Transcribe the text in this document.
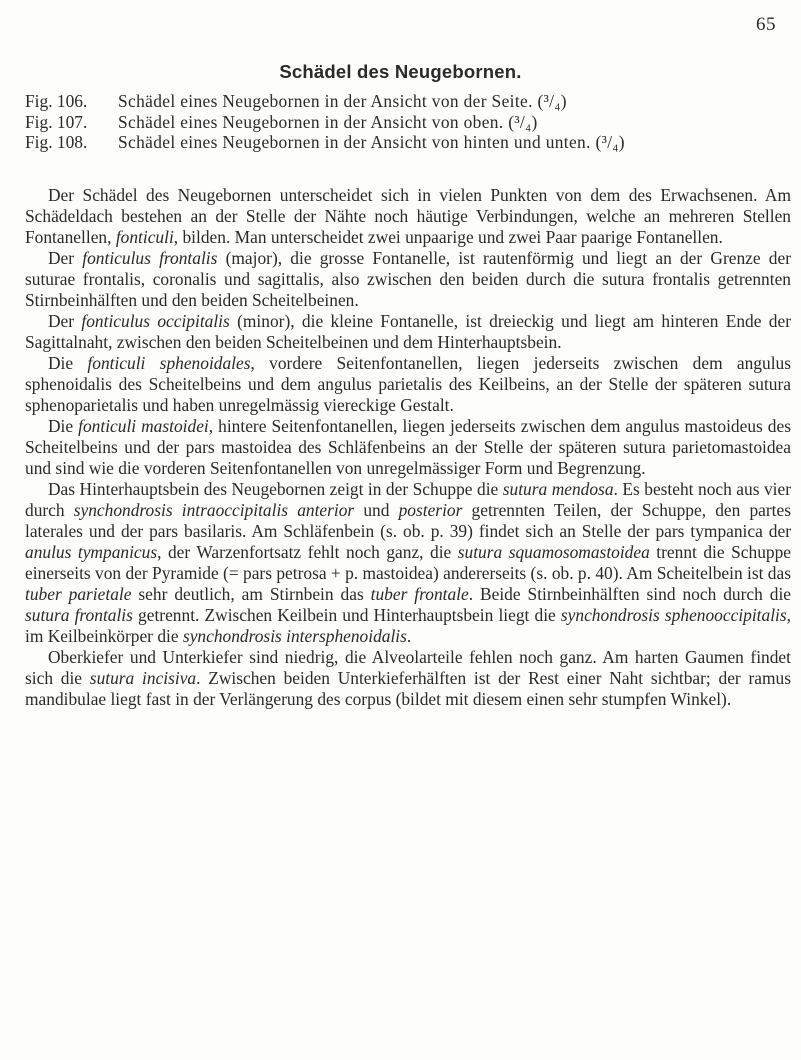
65
Schädel des Neugebornen.
Fig. 106.	Schädel eines Neugebornen in der Ansicht von der Seite. (³/₄)
Fig. 107.	Schädel eines Neugebornen in der Ansicht von oben. (³/₄)
Fig. 108.	Schädel eines Neugebornen in der Ansicht von hinten und unten. (³/₄)

Der Schädel des Neugebornen unterscheidet sich in vielen Punkten von dem des Erwachsenen. Am Schädeldach bestehen an der Stelle der Nähte noch häutige Verbindungen, welche an mehreren Stellen Fontanellen, fonticuli, bilden. Man unterscheidet zwei unpaarige und zwei Paar paarige Fontanellen.

Der fonticulus frontalis (major), die grosse Fontanelle, ist rautenförmig und liegt an der Grenze der suturae frontalis, coronalis und sagittalis, also zwischen den beiden durch die sutura frontalis getrennten Stirnbeinhälften und den beiden Scheitelbeinen.

Der fonticulus occipitalis (minor), die kleine Fontanelle, ist dreieckig und liegt am hinteren Ende der Sagittalnaht, zwischen den beiden Scheitelbeinen und dem Hinterhauptsbein.

Die fonticuli sphenoidales, vordere Seitenfontanellen, liegen jederseits zwischen dem angulus sphenoidalis des Scheitelbeins und dem angulus parietalis des Keilbeins, an der Stelle der späteren sutura sphenoparietalis und haben unregelmässig viereckige Gestalt.

Die fonticuli mastoidei, hintere Seitenfontanellen, liegen jederseits zwischen dem angulus mastoideus des Scheitelbeins und der pars mastoidea des Schläfenbeins an der Stelle der späteren sutura parietomastoidea und sind wie die vorderen Seitenfontanellen von unregelmässiger Form und Begrenzung.

Das Hinterhauptsbein des Neugebornen zeigt in der Schuppe die sutura mendosa. Es besteht noch aus vier durch synchondrosis intraoccipitalis anterior und posterior getrennten Teilen, der Schuppe, den partes laterales und der pars basilaris. Am Schläfenbein (s. ob. p. 39) findet sich an Stelle der pars tympanica der anulus tympanicus, der Warzenfortsatz fehlt noch ganz, die sutura squamosomastoidea trennt die Schuppe einerseits von der Pyramide (= pars petrosa + p. mastoidea) andererseits (s. ob. p. 40). Am Scheitelbein ist das tuber parietale sehr deutlich, am Stirnbein das tuber frontale. Beide Stirnbeinhälften sind noch durch die sutura frontalis getrennt. Zwischen Keilbein und Hinterhauptsbein liegt die synchondrosis sphenooccipitalis, im Keilbeinkörper die synchondrosis intersphenoidalis.

Oberkiefer und Unterkiefer sind niedrig, die Alveolarteile fehlen noch ganz. Am harten Gaumen findet sich die sutura incisiva. Zwischen beiden Unterkieferhälften ist der Rest einer Naht sichtbar; der ramus mandibulae liegt fast in der Verlängerung des corpus (bildet mit diesem einen sehr stumpfen Winkel).
